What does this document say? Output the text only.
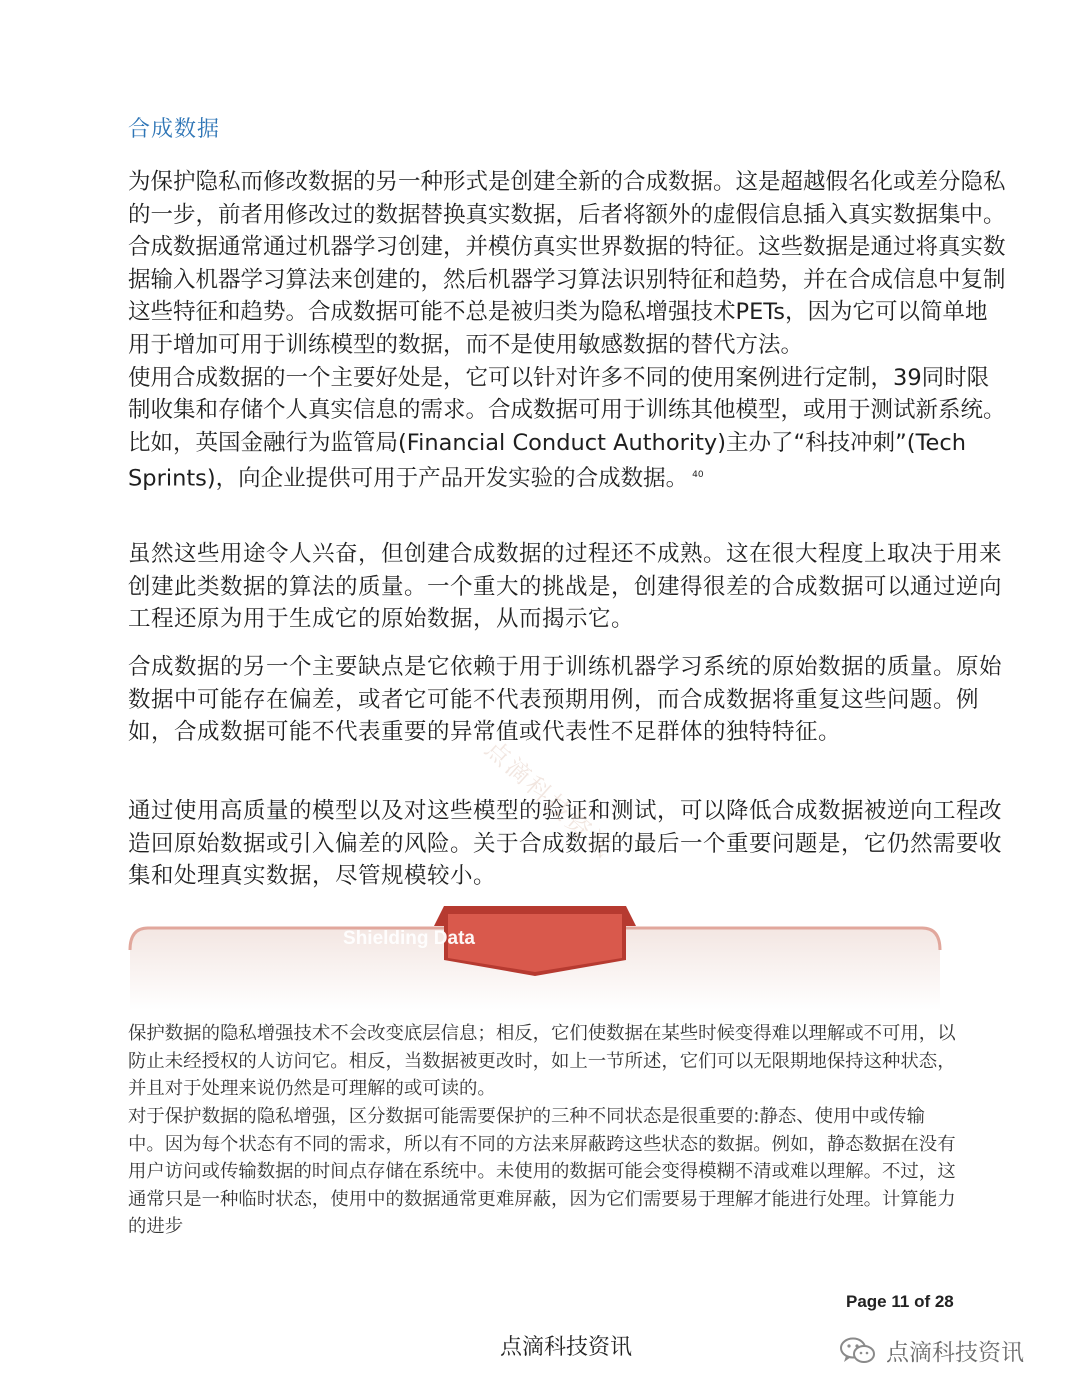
合成数据

为保护隐私而修改数据的另一种形式是创建全新的合成数据。这是超越假名化或差分隐私的一步，前者用修改过的数据替换真实数据，后者将额外的虚假信息插入真实数据集中。合成数据通常通过机器学习创建，并模仿真实世界数据的特征。这些数据是通过将真实数据输入机器学习算法来创建的，然后机器学习算法识别特征和趋势，并在合成信息中复制这些特征和趋势。合成数据可能不总是被归类为隐私增强技术PETs，因为它可以简单地用于增加可用于训练模型的数据，而不是使用敏感数据的替代方法。

使用合成数据的一个主要好处是，它可以针对许多不同的使用案例进行定制，39同时限制收集和存储个人真实信息的需求。合成数据可用于训练其他模型，或用于测试新系统。比如，英国金融行为监管局(Financial Conduct Authority)主办了“科技冲刺”(Tech Sprints)，向企业提供可用于产品开发实验的合成数据。 $^{40}$

虽然这些用途令人兴奋，但创建合成数据的过程还不成熟。这在很大程度上取决于用来创建此类数据的算法的质量。一个重大的挑战是，创建得很差的合成数据可以通过逆向工程还原为用于生成它的原始数据，从而揭示它。
合成数据的另一个主要缺点是它依赖于用于训练机器学习系统的原始数据的质量。原始数据中可能存在偏差，或者它可能不代表预期用例，而合成数据将重复这些问题。例如，合成数据可能不代表重要的异常值或代表性不足群体的独特特征。
通过使用高质量的模型以及对这些模型的验证和测试，可以降低合成数据被逆向工程改造回原始数据或引入偏差的风险。关于合成数据的最后一个重要问题是，它仍然需要收集和处理真实数据，尽管规模较小。
点滴科技资讯
Shielding Data
保护数据的隐私增强技术不会改变底层信息；相反，它们使数据在某些时候变得难以理解或不可用，以防止未经授权的人访问它。相反，当数据被更改时，如上一节所述，它们可以无限期地保持这种状态，并且对于处理来说仍然是可理解的或可读的。
对于保护数据的隐私增强，区分数据可能需要保护的三种不同状态是很重要的:静态、使用中或传输中。因为每个状态有不同的需求，所以有不同的方法来屏蔽跨这些状态的数据。例如，静态数据在没有用户访问或传输数据的时间点存储在系统中。未使用的数据可能会变得模糊不清或难以理解。不过，这通常只是一种临时状态，使用中的数据通常更难屏蔽，因为它们需要易于理解才能进行处理。计算能力的进步
Page 11 of 28
点滴科技资讯	点滴科技资讯
